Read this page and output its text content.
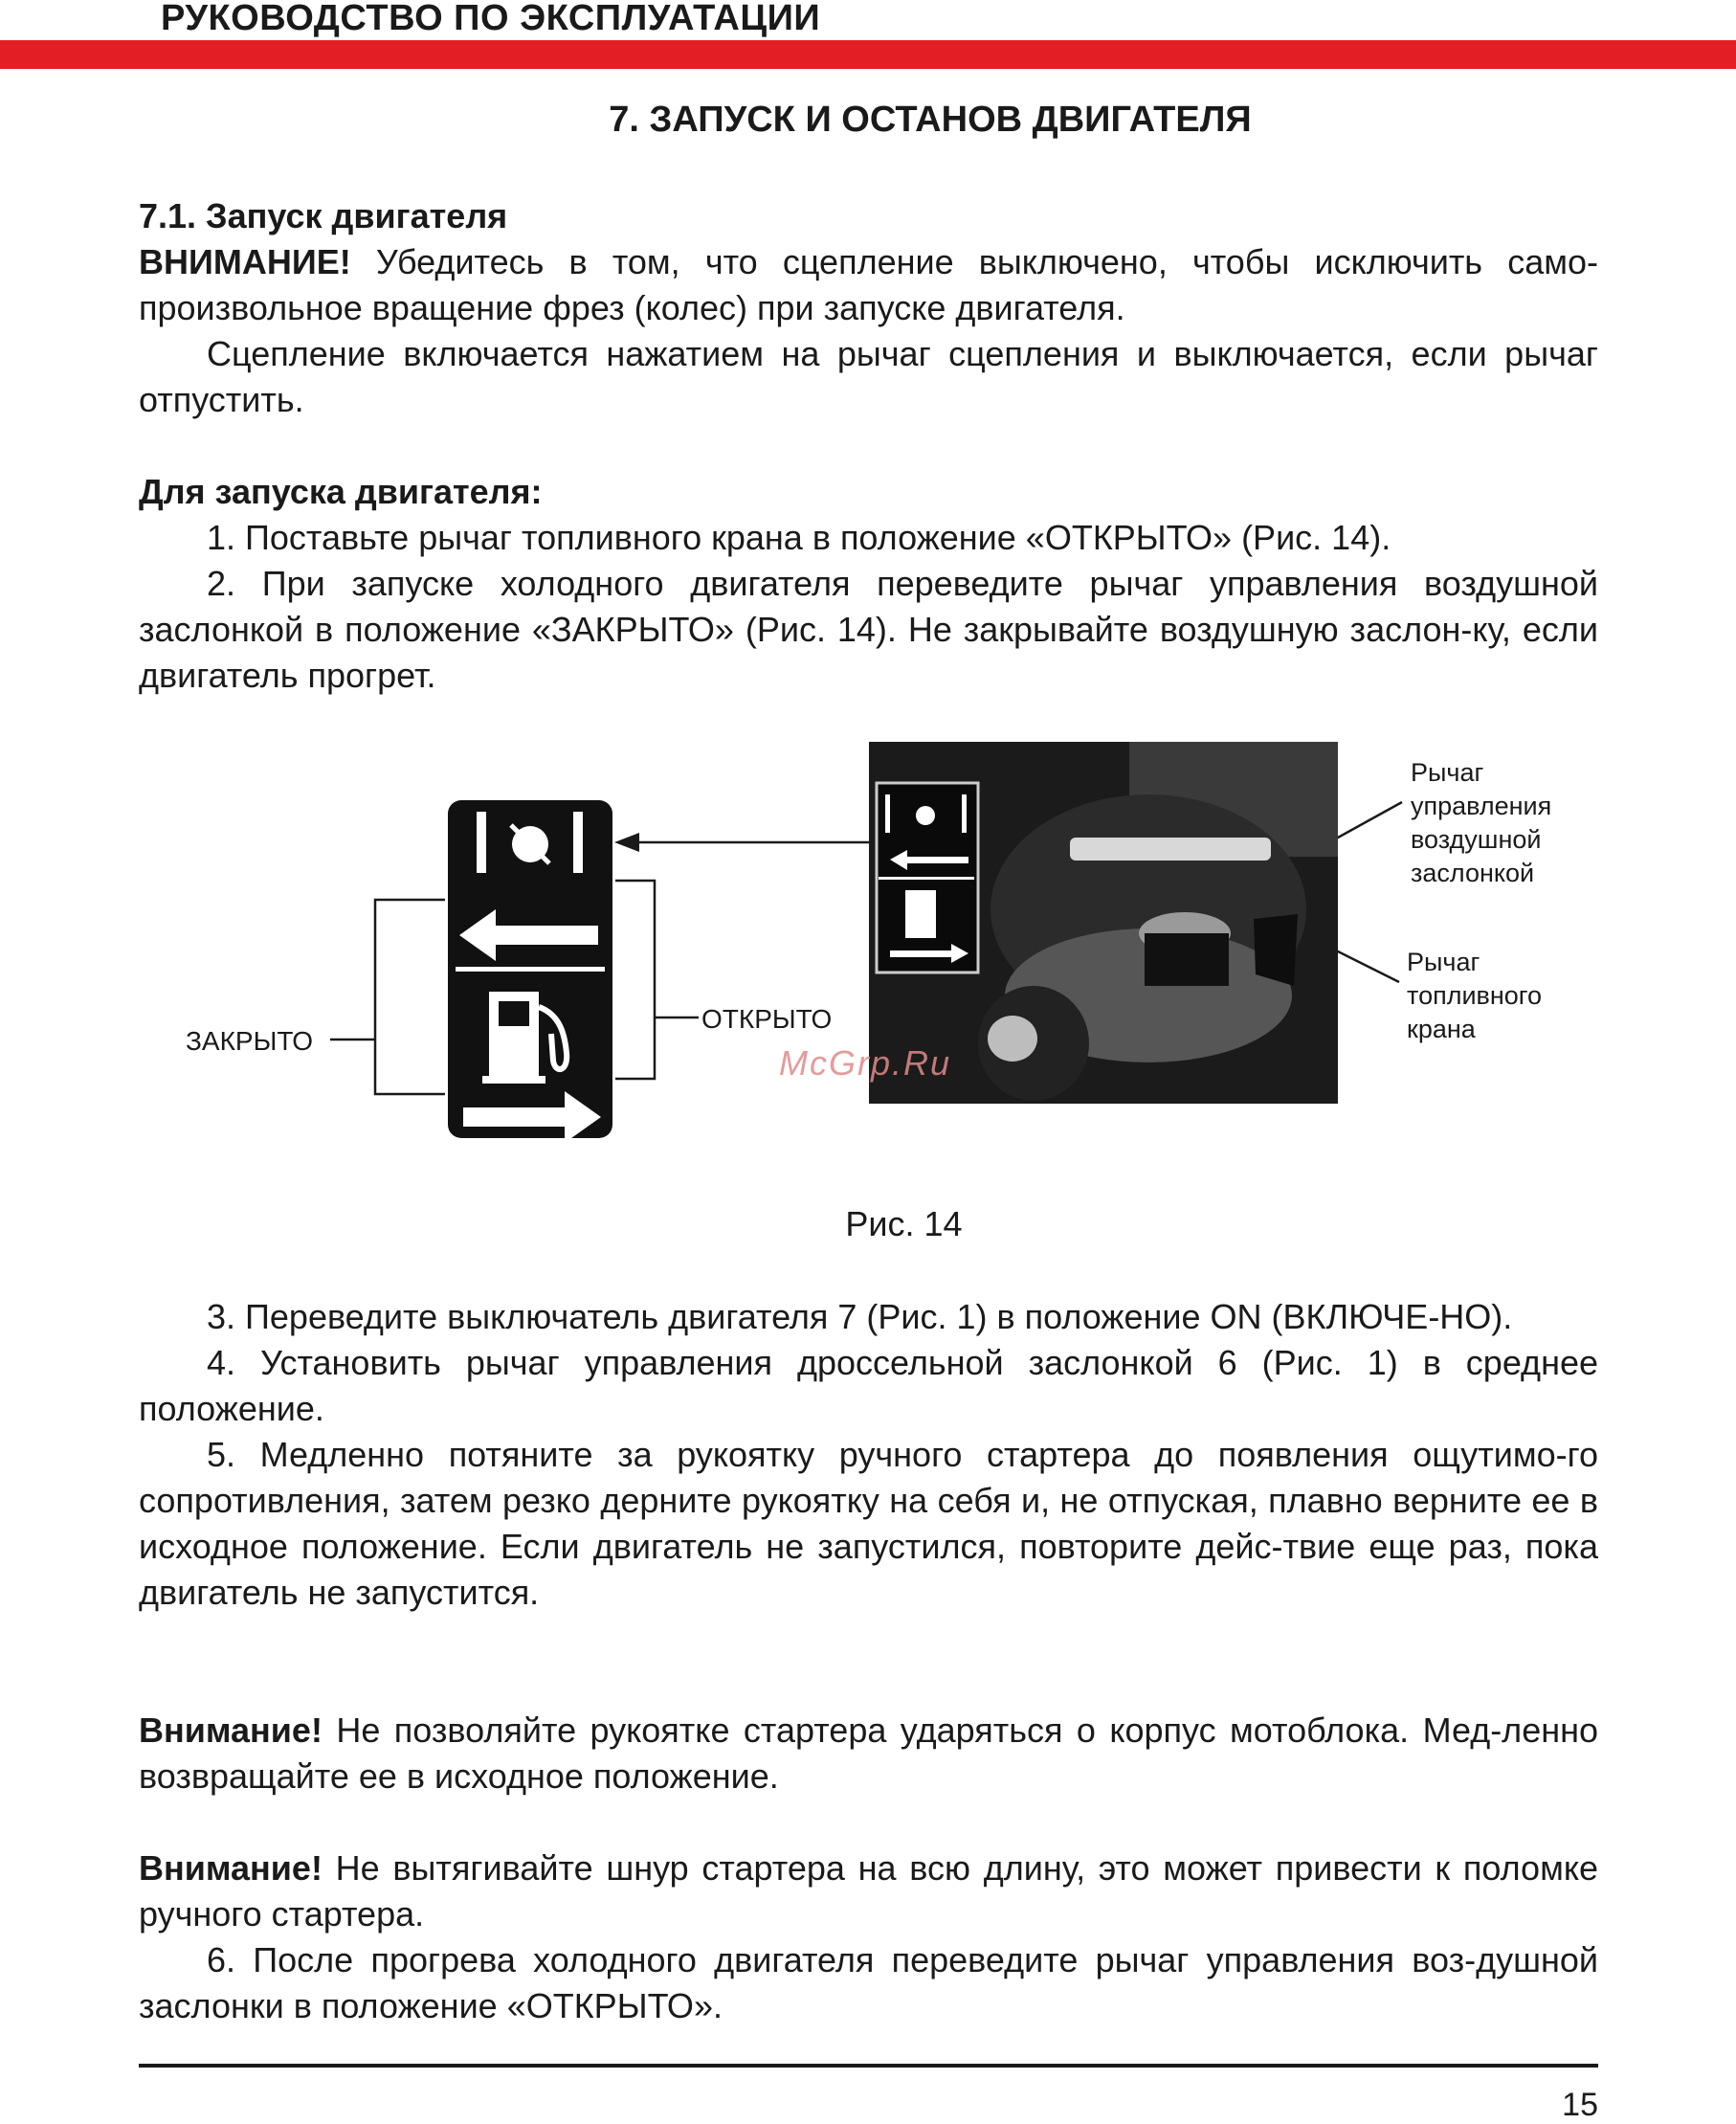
РУКОВОДСТВО ПО ЭКСПЛУАТАЦИИ
7. ЗАПУСК И ОСТАНОВ ДВИГАТЕЛЯ

7.1. Запуск двигателя

ВНИМАНИЕ! Убедитесь в том, что сцепление выключено, чтобы исключить само-произвольное вращение фрез (колес) при запуске двигателя.

Сцепление включается нажатием на рычаг сцепления и выключается, если рычаг отпустить.

Для запуска двигателя:

1. Поставьте рычаг топливного крана в положение «ОТКРЫТО» (Рис. 14).

2. При запуске холодного двигателя переведите рычаг управления воздушной заслонкой в положение «ЗАКРЫТО» (Рис. 14). Не закрывайте воздушную заслон-ку, если двигатель прогрет.

ЗАКРЫТО
ОТКРЫТО
Рычаг
управления
воздушной
заслонкой
Рычаг
топливного
крана
McGrp.Ru
Рис. 14

3. Переведите выключатель двигателя 7 (Рис. 1) в положение ON (ВКЛЮЧЕ-НО).

4. Установить рычаг управления дроссельной заслонкой 6 (Рис. 1) в среднее положение.

5. Медленно потяните за рукоятку ручного стартера до появления ощутимо-го сопротивления, затем резко дерните рукоятку на себя и, не отпуская, плавно верните ее в исходное положение. Если двигатель не запустился, повторите дейс-твие еще раз, пока двигатель не запустится.

Внимание! Не позволяйте рукоятке стартера ударяться о корпус мотоблока. Мед-ленно возвращайте ее в исходное положение.

Внимание! Не вытягивайте шнур стартера на всю длину, это может привести к поломке ручного стартера.

6. После прогрева холодного двигателя переведите рычаг управления воз-душной заслонки в положение «ОТКРЫТО».

15
